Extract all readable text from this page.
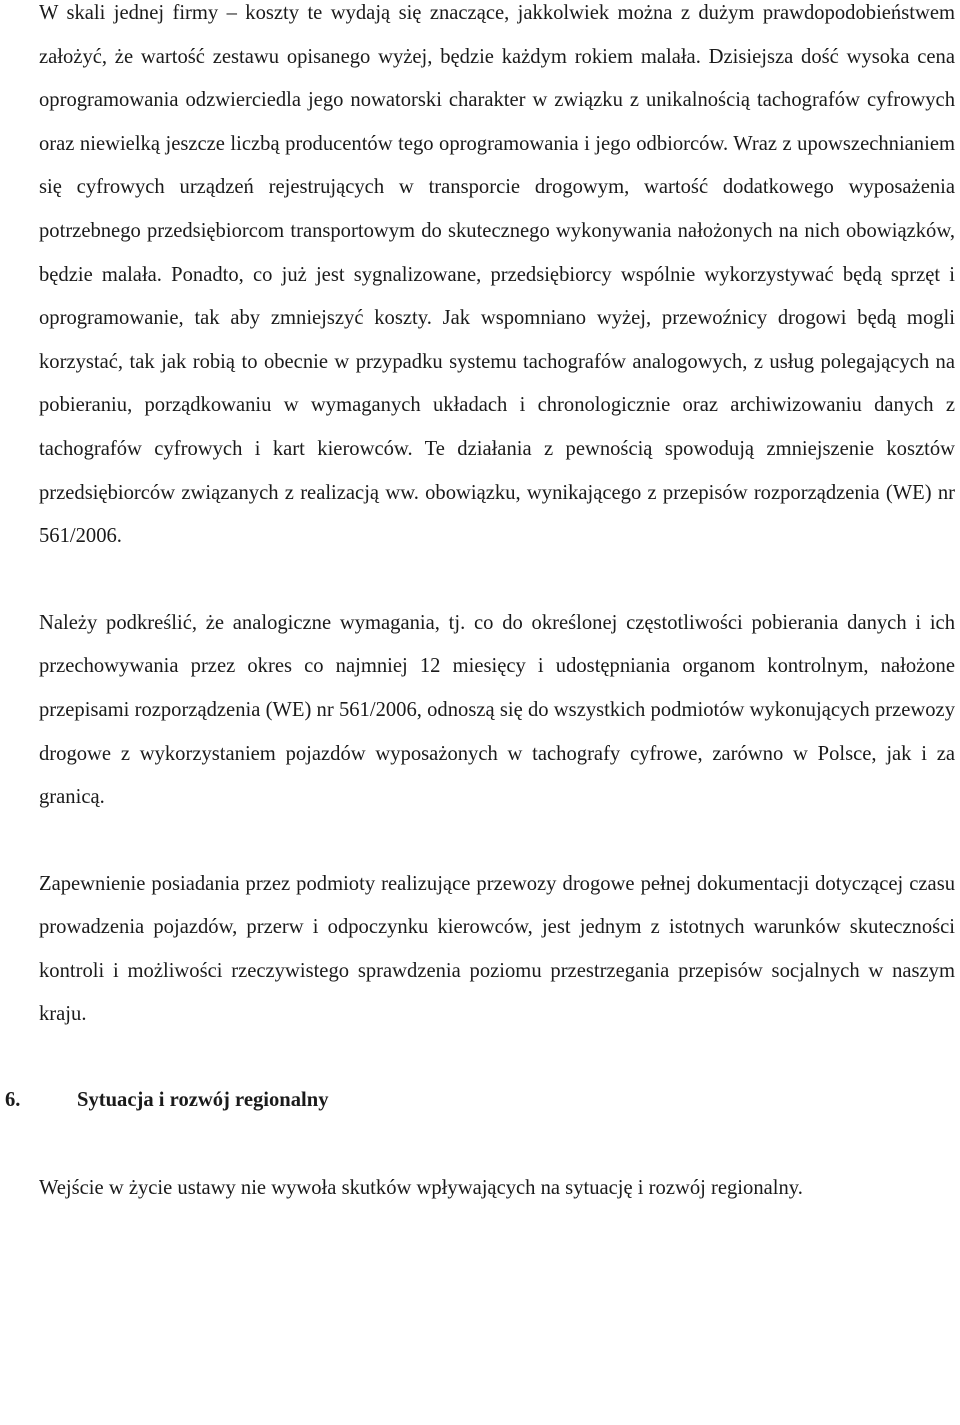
W skali jednej firmy – koszty te wydają się znaczące, jakkolwiek można z dużym prawdopodobieństwem założyć, że wartość zestawu opisanego wyżej, będzie każdym rokiem malała. Dzisiejsza dość wysoka cena oprogramowania odzwierciedla jego nowatorski charakter w związku z unikalnością tachografów cyfrowych oraz niewielką jeszcze liczbą producentów tego oprogramowania i jego odbiorców. Wraz z upowszechnianiem się cyfrowych urządzeń rejestrujących w transporcie drogowym, wartość dodatkowego wyposażenia potrzebnego przedsiębiorcom transportowym do skutecznego wykonywania nałożonych na nich obowiązków, będzie malała. Ponadto, co już jest sygnalizowane, przedsiębiorcy wspólnie wykorzystywać będą sprzęt i oprogramowanie, tak aby zmniejszyć koszty. Jak wspomniano wyżej, przewoźnicy drogowi będą mogli korzystać, tak jak robią to obecnie w przypadku systemu tachografów analogowych, z usług polegających na pobieraniu, porządkowaniu w wymaganych układach i chronologicznie oraz archiwizowaniu danych z tachografów cyfrowych i kart kierowców. Te działania z pewnością spowodują zmniejszenie kosztów przedsiębiorców związanych z realizacją ww. obowiązku, wynikającego z przepisów rozporządzenia (WE) nr 561/2006.

Należy podkreślić, że analogiczne wymagania, tj. co do określonej częstotliwości pobierania danych i ich przechowywania przez okres co najmniej 12 miesięcy i udostępniania organom kontrolnym, nałożone przepisami rozporządzenia (WE) nr 561/2006, odnoszą się do wszystkich podmiotów wykonujących przewozy drogowe z wykorzystaniem pojazdów wyposażonych w tachografy cyfrowe, zarówno w Polsce, jak i za granicą.

Zapewnienie posiadania przez podmioty realizujące przewozy drogowe pełnej dokumentacji dotyczącej czasu prowadzenia pojazdów, przerw i odpoczynku kierowców, jest jednym z istotnych warunków skuteczności kontroli i możliwości rzeczywistego sprawdzenia poziomu przestrzegania przepisów socjalnych w naszym kraju.

6.	Sytuacja i rozwój regionalny

Wejście w życie ustawy nie wywoła skutków wpływających na sytuację i rozwój regionalny.
